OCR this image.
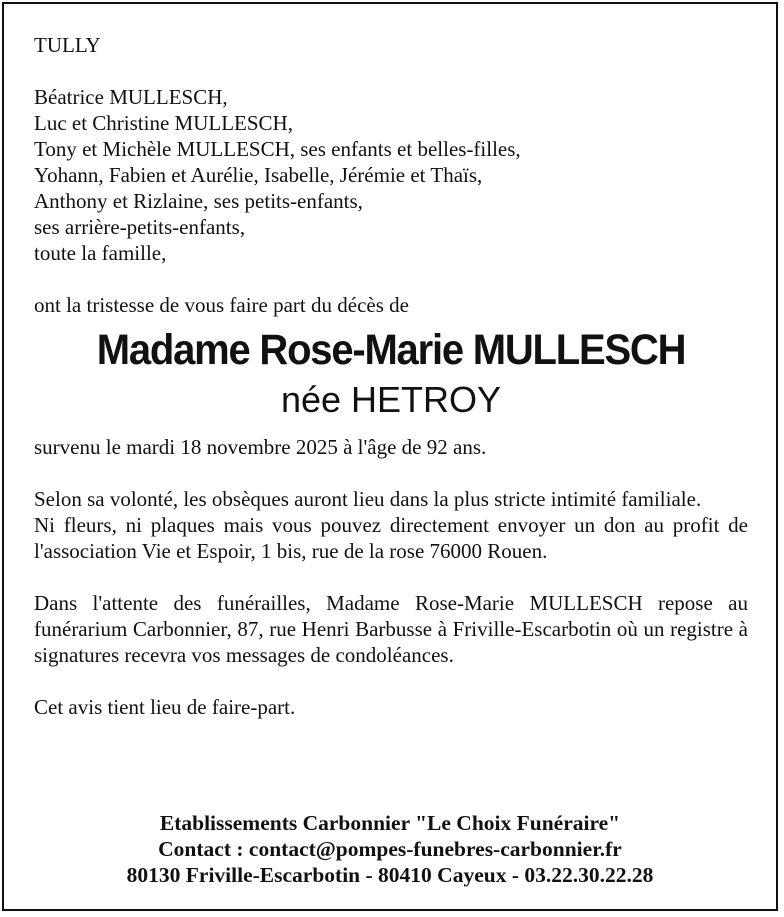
TULLY

Béatrice MULLESCH,
Luc et Christine MULLESCH,
Tony et Michèle MULLESCH, ses enfants et belles-filles,
Yohann, Fabien et Aurélie, Isabelle, Jérémie et Thaïs,
Anthony et Rizlaine, ses petits-enfants,
ses arrière-petits-enfants,
toute la famille,

ont la tristesse de vous faire part du décès de

Madame Rose-Marie MULLESCH

née HETROY

survenu le mardi 18 novembre 2025 à l'âge de 92 ans.

Selon sa volonté, les obsèques auront lieu dans la plus stricte intimité familiale.

Ni fleurs, ni plaques mais vous pouvez directement envoyer un don au profit de l'association Vie et Espoir, 1 bis, rue de la rose 76000 Rouen.

Dans l'attente des funérailles, Madame Rose-Marie MULLESCH repose au funérarium Carbonnier, 87, rue Henri Barbusse à Friville-Escarbotin où un registre à signatures recevra vos messages de condoléances.

Cet avis tient lieu de faire-part.

Etablissements Carbonnier "Le Choix Funéraire"
Contact : contact@pompes-funebres-carbonnier.fr
80130 Friville-Escarbotin - 80410 Cayeux - 03.22.30.22.28
